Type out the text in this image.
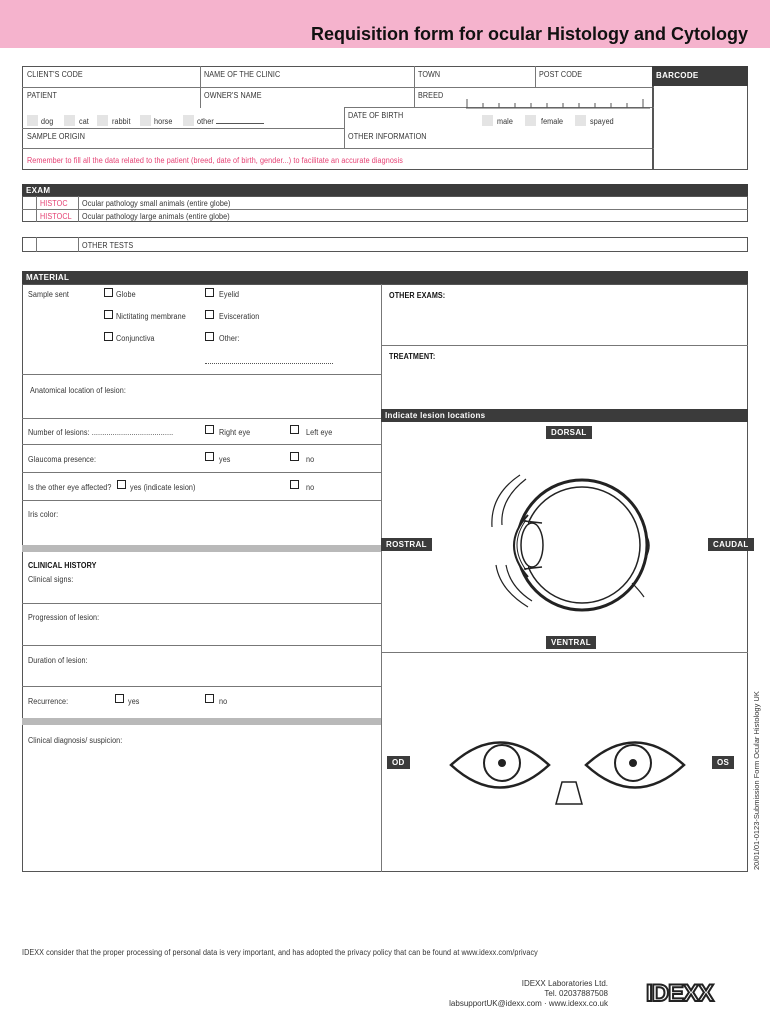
Requisition form for ocular Histology and Cytology
CLIENT'S CODE	NAME OF THE CLINIC	TOWN	POST CODE
PATIENT	OWNER'S NAME	BREED
BARCODE
dog	cat	rabbit	horse	other
DATE OF BIRTH
male	female	spayed
SAMPLE ORIGIN	OTHER INFORMATION
Remember to fill all the data related to the patient (breed, date of birth, gender...) to facilitate an accurate diagnosis
EXAM
HISTOC Ocular pathology small animals (entire globe)
HISTOCL Ocular pathology large animals (entire globe)
OTHER TESTS
MATERIAL
Sample sent	Globe	Eyelid
Nictitating membrane	Evisceration
Conjunctiva	Other:
Anatomical location of lesion:
Number of lesions: .......................................	Right eye	Left eye
Glaucoma presence:	yes	no
Is the other eye affected? yes (indicate lesion)	no
Iris color:
CLINICAL HISTORY
Clinical signs:
Progression of lesion:
Duration of lesion:
Recurrence:	yes	no
Clinical diagnosis/ suspicion:
OTHER EXAMS:
TREATMENT:
Indicate lesion locations
DORSAL
ROSTRAL	CAUDAL
VENTRAL
OD	OS	20/01/01-0123-Submission Form Ocular Histology UK
IDEXX consider that the proper processing of personal data is very important, and has adopted the privacy policy that can be found at www.idexx.com/privacy
IDEXX Laboratories Ltd.
Tel. 02037887508
labsupportUK@idexx.com · www.idexx.co.uk IDEXX
